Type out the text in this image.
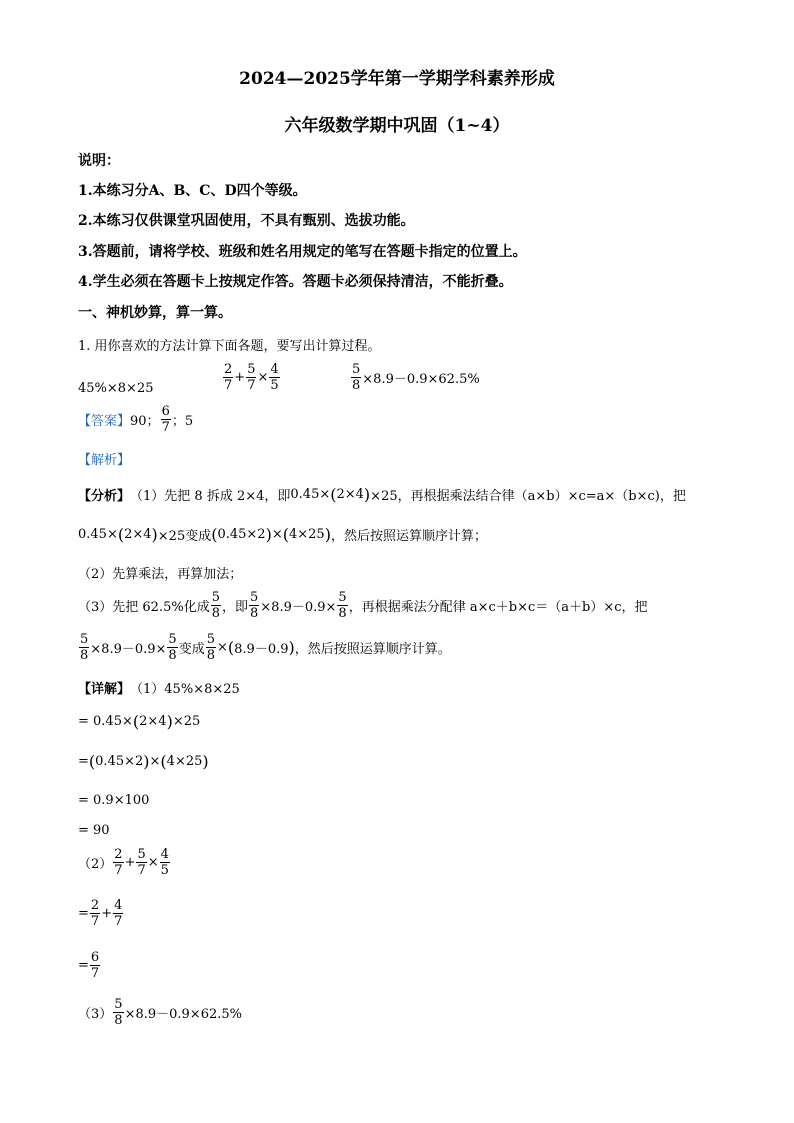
2024—2025学年第一学期学科素养形成
六年级数学期中巩固（1~4）
说明：
1.本练习分A、B、C、D四个等级。
2.本练习仅供课堂巩固使用，不具有甄别、选拔功能。
3.答题前，请将学校、班级和姓名用规定的笔写在答题卡指定的位置上。
4.学生必须在答题卡上按规定作答。答题卡必须保持清洁，不能折叠。
一、神机妙算，算一算。
1. 用你喜欢的方法计算下面各题，要写出计算过程。
45%×8×25	$\frac{2}{7} + \frac{5}{7} \times \frac{4}{5}$	$\frac{5}{8} \times 8.9-0.9\times 62.5\%$
【答案】 90； $\frac{6}{7}$ ；5
【解析】
【分析】 （1）先把 8 拆成 2×4，即 0.45× ( 2×4 ) ×25，再根据乘法结合律（a×b）×c=a×（b×c)，把
0.45× ( 2×4 ) ×25变成 ( 0.45×2 ) × ( 4×25 ) ，然后按照运算顺序计算；
（2）先算乘法，再算加法；
（3）先把 62.5%化成 $\frac{5}{8}$ ，即 $\frac{5}{8} \times 8.9-0.9\times \frac{5}{8}$ ，再根据乘法分配律 a×c＋b×c＝（a＋b）×c，把
$\frac{5}{8} \times 8.9-0.9\times \frac{5}{8}$ 变成 $\frac{5}{8}$ × ( 8.9－0.9 ) ，然后按照运算顺序计算。
【详解】 （1）45%×8×25
= 0.45× ( 2×4 ) ×25
= ( 0.45×2 ) × ( 4×25 )
= 0.9×100
= 90
$(2) \frac{2}{7} + \frac{5}{7} \times \frac{4}{5}$
= $\frac{2}{7} + \frac{4}{7}$
= $\frac{6}{7}$
$(3) \frac{5}{8} \times 8.9-0.9\times 62.5\%$
